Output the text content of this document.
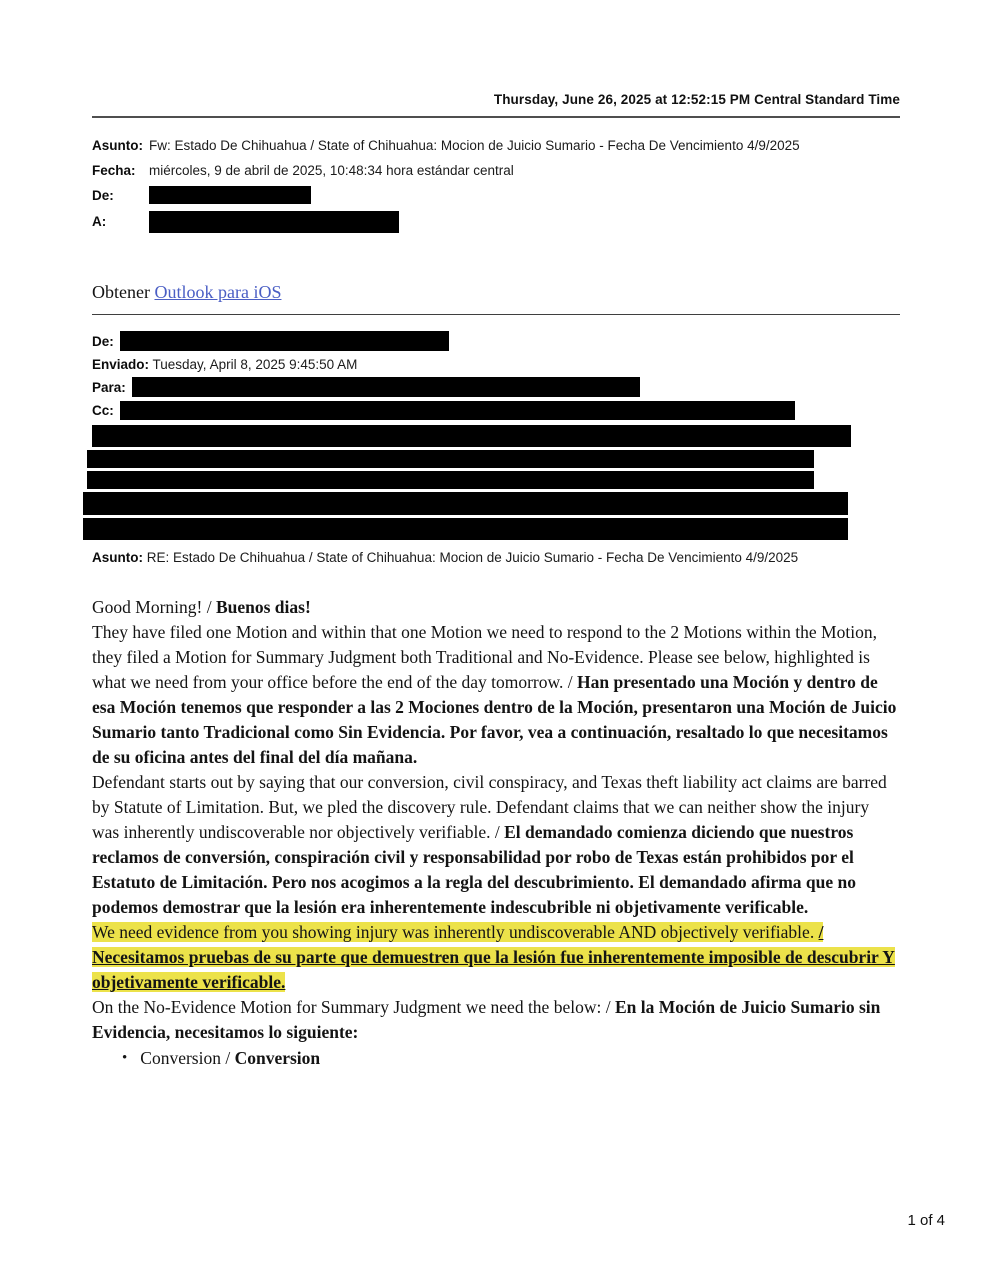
Thursday, June 26, 2025 at 12:52:15 PM Central Standard Time
Asunto: Fw: Estado De Chihuahua / State of Chihuahua: Mocion de Juicio Sumario - Fecha De Vencimiento 4/9/2025
Fecha: miércoles, 9 de abril de 2025, 10:48:34 hora estándar central
De:
A:
Obtener Outlook para iOS
De:
Enviado: Tuesday, April 8, 2025 9:45:50 AM
Para:
Cc:
Asunto: RE: Estado De Chihuahua / State of Chihuahua: Mocion de Juicio Sumario - Fecha De Vencimiento 4/9/2025

Good Morning! / Buenos dias!

They have filed one Motion and within that one Motion we need to respond to the 2 Motions within the Motion, they filed a Motion for Summary Judgment both Traditional and No-Evidence. Please see below, highlighted is what we need from your office before the end of the day tomorrow. / Han presentado una Moción y dentro de esa Moción tenemos que responder a las 2 Mociones dentro de la Moción, presentaron una Moción de Juicio Sumario tanto Tradicional como Sin Evidencia. Por favor, vea a continuación, resaltado lo que necesitamos de su oficina antes del final del día mañana.

Defendant starts out by saying that our conversion, civil conspiracy, and Texas theft liability act claims are barred by Statute of Limitation. But, we pled the discovery rule. Defendant claims that we can neither show the injury was inherently undiscoverable nor objectively verifiable. / El demandado comienza diciendo que nuestros reclamos de conversión, conspiración civil y responsabilidad por robo de Texas están prohibidos por el Estatuto de Limitación. Pero nos acogimos a la regla del descubrimiento. El demandado afirma que no podemos demostrar que la lesión era inherentemente indescubrible ni objetivamente verificable.

We need evidence from you showing injury was inherently undiscoverable AND objectively verifiable. / Necesitamos pruebas de su parte que demuestren que la lesión fue inherentemente imposible de descubrir Y objetivamente verificable.

On the No-Evidence Motion for Summary Judgment we need the below: / En la Moción de Juicio Sumario sin Evidencia, necesitamos lo siguiente:

• Conversion / Conversion
1 of 4
